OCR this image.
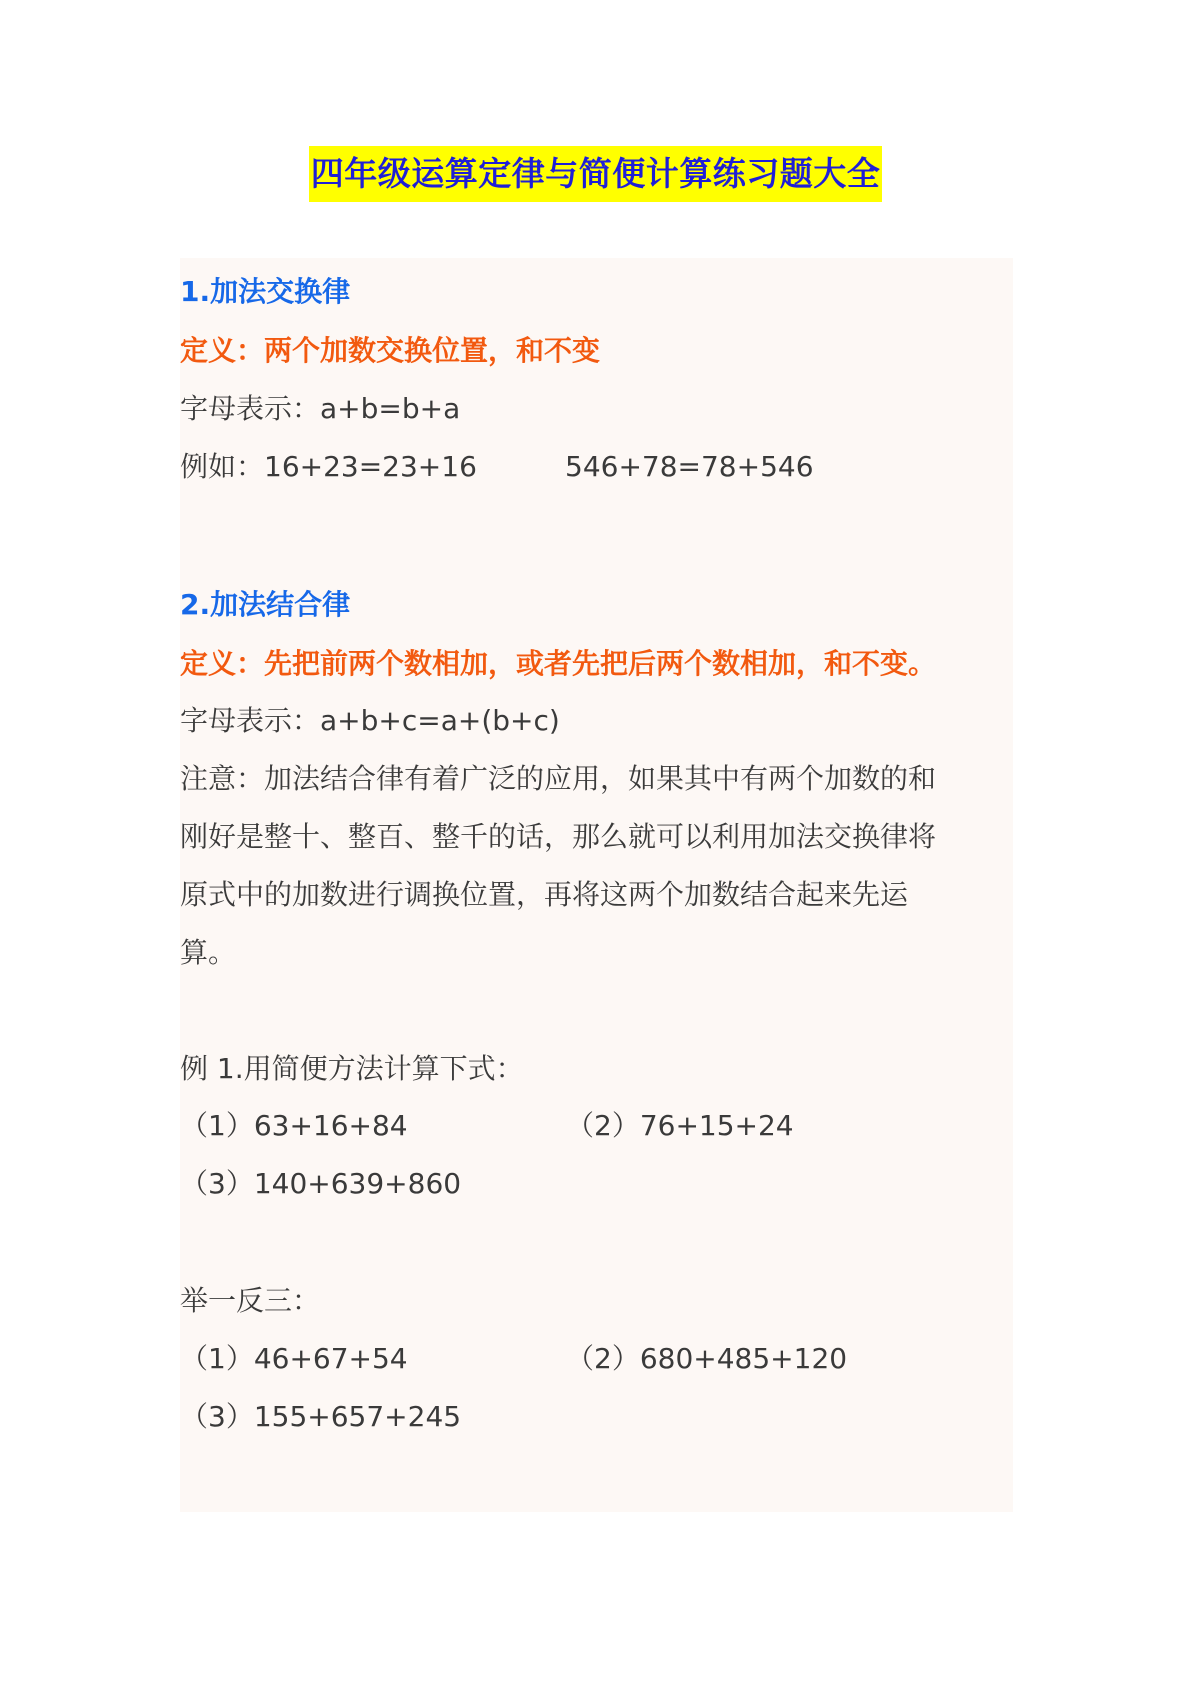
四年级运算定律与简便计算练习题大全
1.加法交换律
定义：两个加数交换位置，和不变
字母表示：a+b=b+a
例如：16+23=23+16	546+78=78+546
2.加法结合律
定义：先把前两个数相加，或者先把后两个数相加，和不变。
字母表示：a+b+c=a+(b+c)
注意：加法结合律有着广泛的应用，如果其中有两个加数的和
刚好是整十、整百、整千的话，那么就可以利用加法交换律将
原式中的加数进行调换位置，再将这两个加数结合起来先运
算。
例 1.用简便方法计算下式：
（1）63+16+84	（2）76+15+24
（3）140+639+860
举一反三：
（1）46+67+54	（2）680+485+120
（3）155+657+245
